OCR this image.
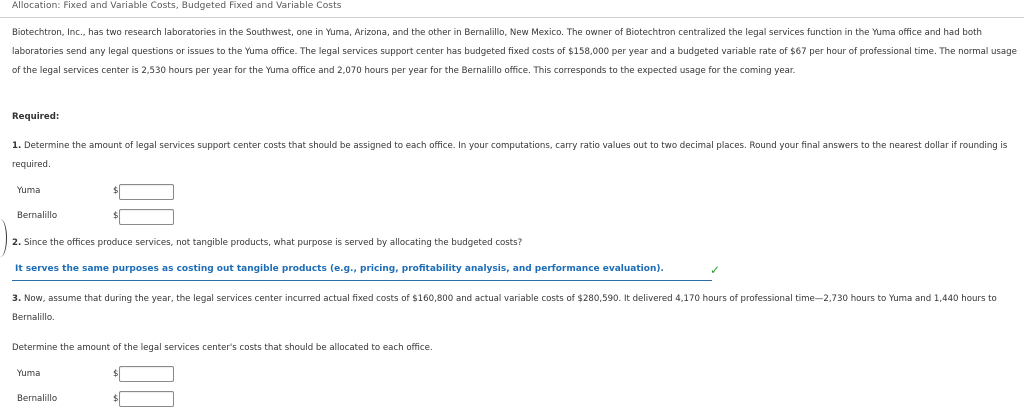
Allocation: Fixed and Variable Costs, Budgeted Fixed and Variable Costs
Biotechtron, Inc., has two research laboratories in the Southwest, one in Yuma, Arizona, and the other in Bernalillo, New Mexico. The owner of Biotechtron centralized the legal services function in the Yuma office and had both laboratories send any legal questions or issues to the Yuma office. The legal services support center has budgeted fixed costs of $158,000 per year and a budgeted variable rate of $67 per hour of professional time. The normal usage of the legal services center is 2,530 hours per year for the Yuma office and 2,070 hours per year for the Bernalillo office. This corresponds to the expected usage for the coming year.
Required:
1. Determine the amount of legal services support center costs that should be assigned to each office. In your computations, carry ratio values out to two decimal places. Round your final answers to the nearest dollar if rounding is required.
Yuma	$
Bernalillo	$
2. Since the offices produce services, not tangible products, what purpose is served by allocating the budgeted costs?
It serves the same purposes as costing out tangible products (e.g., pricing, profitability analysis, and performance evaluation).	✓
3. Now, assume that during the year, the legal services center incurred actual fixed costs of $160,800 and actual variable costs of $280,590. It delivered 4,170 hours of professional time—2,730 hours to Yuma and 1,440 hours to Bernalillo.
Determine the amount of the legal services center's costs that should be allocated to each office.
Yuma	$
Bernalillo	$
